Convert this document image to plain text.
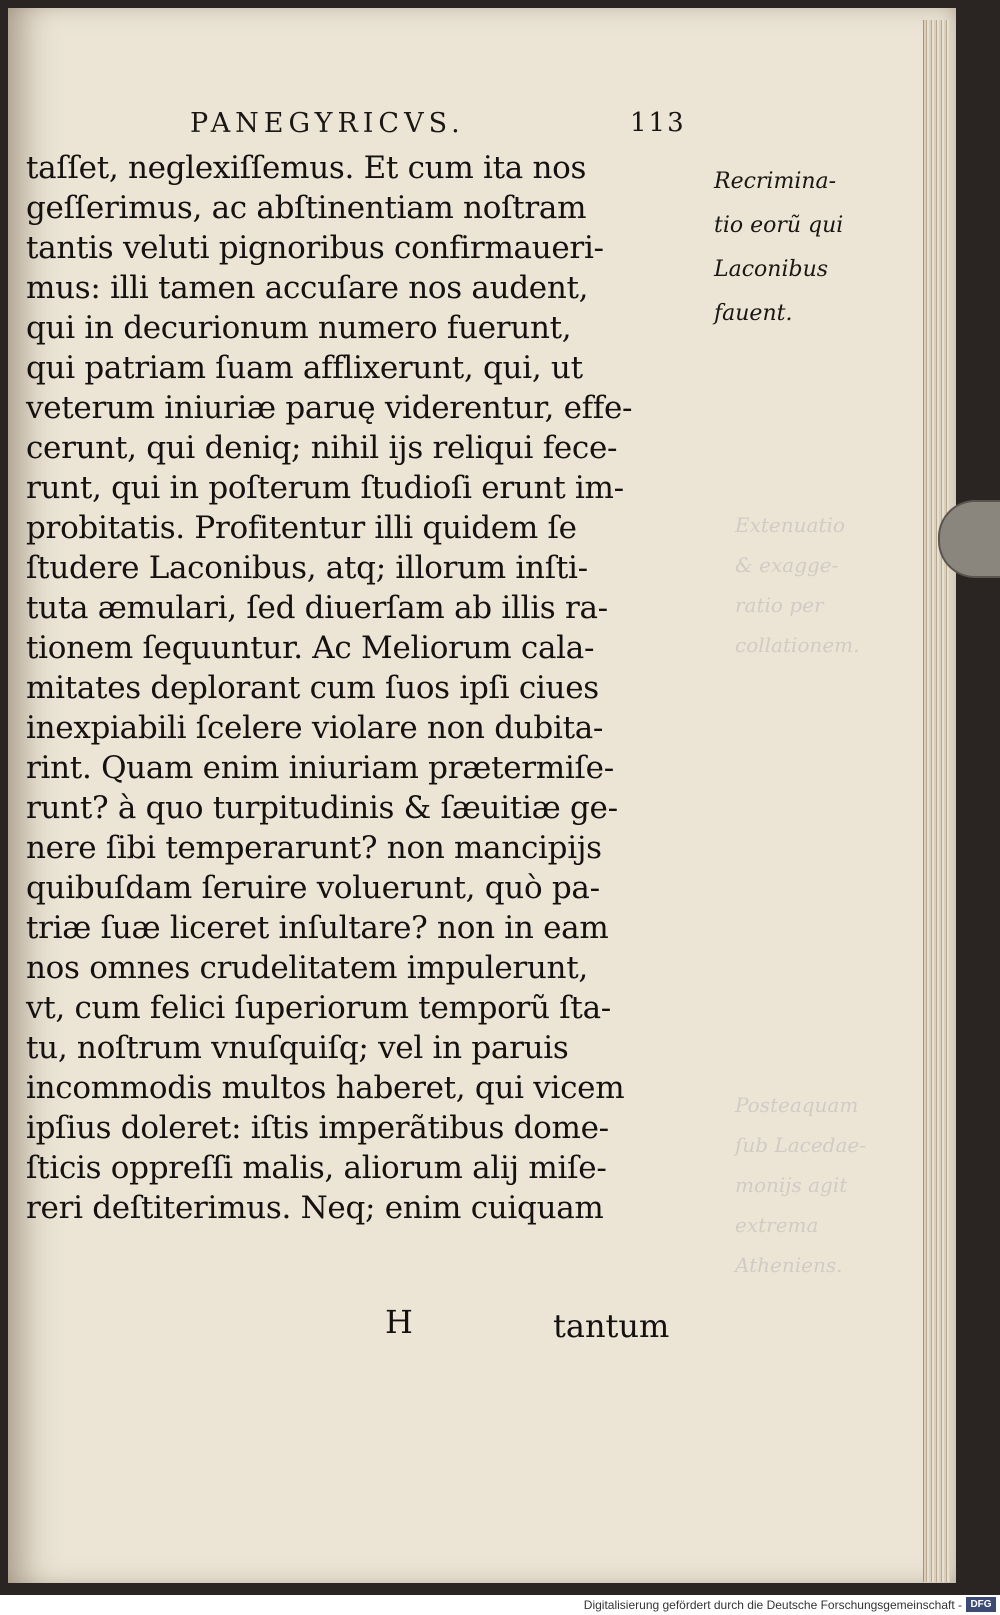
PANEGYRICVS.	113
taſſet, neglexiſſemus. Et cum ita nos
geſſerimus, ac abſtinentiam noſtram
tantis veluti pignoribus confirmaueri-
mus: illi tamen accuſare nos audent,
qui in decurionum numero fuerunt,
qui patriam ſuam afflixerunt, qui, ut
veterum iniuriæ paruę viderentur, effe-
cerunt, qui deniq; nihil ijs reliqui fece-
runt, qui in poſterum ſtudioſi erunt im-
probitatis. Profitentur illi quidem ſe
ſtudere Laconibus, atq; illorum inſti-
tuta æmulari, ſed diuerſam ab illis ra-
tionem ſequuntur. Ac Meliorum cala-
mitates deplorant cum ſuos ipſi ciues
inexpiabili ſcelere violare non dubita-
rint. Quam enim iniuriam prætermiſe-
runt? à quo turpitudinis & ſæuitiæ ge-
nere ſibi temperarunt? non mancipijs
quibuſdam ſeruire voluerunt, quò pa-
triæ ſuæ liceret inſultare? non in eam
nos omnes crudelitatem impulerunt,
vt, cum felici ſuperiorum temporũ ſta-
tu, noſtrum vnuſquiſq; vel in paruis
incommodis multos haberet, qui vicem
ipſius doleret: iſtis imperãtibus dome-
ſticis oppreſſi malis, aliorum alij miſe-
reri deſtiterimus. Neq; enim cuiquam
H	tantum
Recrimina-
tio eorũ qui
Laconibus
fauent.
Extenuatio
& exagge-
ratio per
collationem.
Posteaquam
ſub Lacedae-
monijs agit
extrema
Atheniens.
Digitalisierung gefördert durch die Deutsche Forschungsgemeinschaft - DFG
